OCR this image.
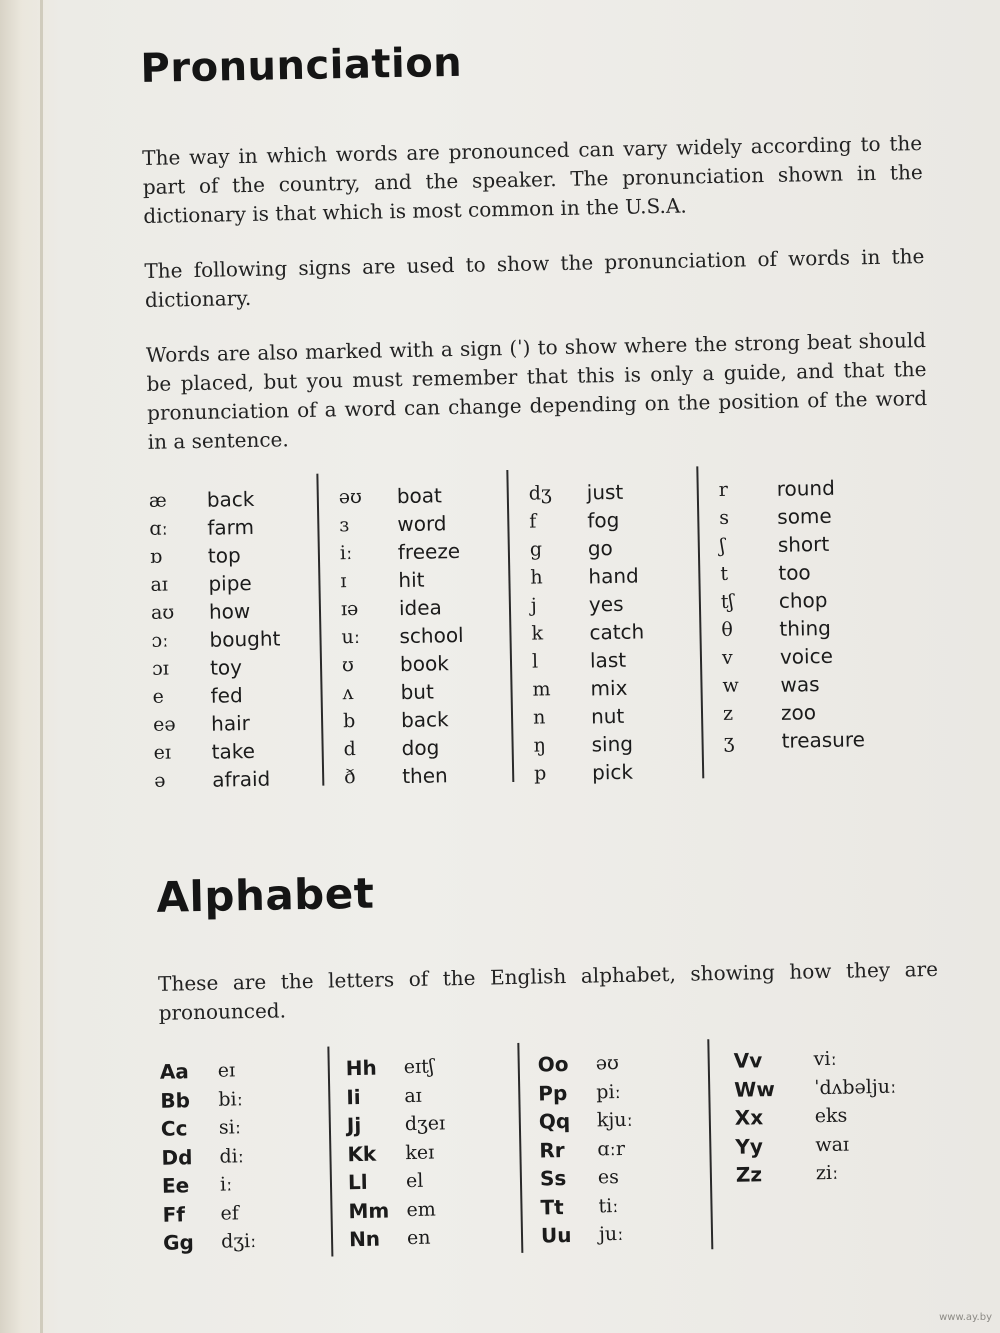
Pronunciation

The way in which words are pronounced can vary widely according to the part of the country, and the speaker. The pronunciation shown in the dictionary is that which is most common in the U.S.A.

The following signs are used to show the pronunciation of words in the dictionary.

Words are also marked with a sign (ˈ) to show where the strong beat should be placed, but you must remember that this is only a guide, and that the pronunciation of a word can change depending on the position of the word in a sentence.

æ	back
ɑː	farm
ɒ	top
aɪ	pipe
aʊ	how
ɔː	bought
ɔɪ	toy
e	fed
eə	hair
eɪ	take
ə	afraid
əʊ	boat
ɜ	word
iː	freeze
ɪ	hit
ɪə	idea
uː	school
ʊ	book
ʌ	but
b	back
d	dog
ð	then
dʒ	just
f	fog
g	go
h	hand
j	yes
k	catch
l	last
m	mix
n	nut
ŋ	sing
p	pick
r	round
s	some
ʃ	short
t	too
tʃ	chop
θ	thing
v	voice
w	was
z	zoo
ʒ	treasure
Alphabet

These are the letters of the English alphabet, showing how they are pronounced.

Aa	eɪ
Bb	biː
Cc	siː
Dd	diː
Ee	iː
Ff	ef
Gg	dʒiː
Hh	eɪtʃ
Ii	aɪ
Jj	dʒeɪ
Kk	keɪ
Ll	el
Mm em
Nn	en
Oo	əʊ
Pp	piː
Qq	kjuː
Rr	ɑːr
Ss	es
Tt	tiː
Uu	juː
Vv	viː
Ww	ˈdʌbəljuː
Xx	eks
Yy	waɪ
Zz	ziː
www.ay.by
